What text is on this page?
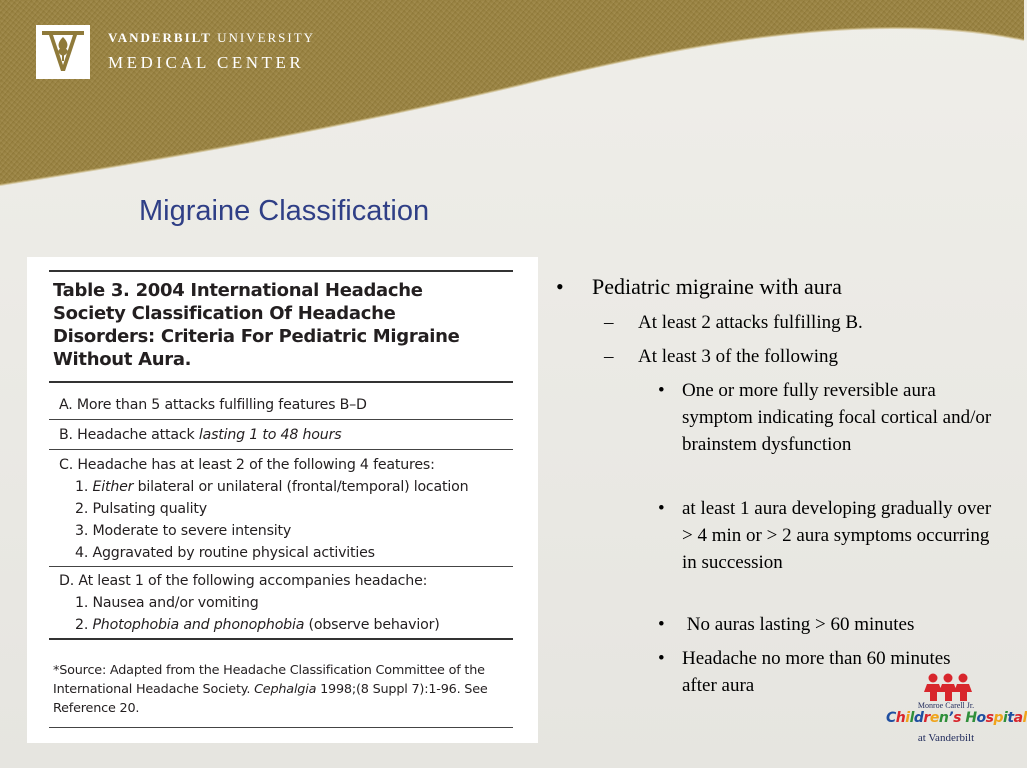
VANDERBILT UNIVERSITY
MEDICAL CENTER
Migraine Classification
Table 3. 2004 International Headache
Society Classification Of Headache
Disorders: Criteria For Pediatric Migraine
Without Aura.
A. More than 5 attacks fulfilling features B–D
B. Headache attack lasting 1 to 48 hours
C. Headache has at least 2 of the following 4 features:
1. Either bilateral or unilateral (frontal/temporal) location
2. Pulsating quality
3. Moderate to severe intensity
4. Aggravated by routine physical activities
D. At least 1 of the following accompanies headache:
1. Nausea and/or vomiting
2. Photophobia and phonophobia (observe behavior)
*Source: Adapted from the Headache Classification Committee of the International Headache Society. Cephalgia 1998;(8 Suppl 7):1-96. See Reference 20.
• Pediatric migraine with aura
– At least 2 attacks fulfilling B.
– At least 3 of the following
• One or more fully reversible aura symptom indicating focal cortical and/or brainstem dysfunction
• at least 1 aura developing gradually over > 4 min or > 2 aura symptoms occurring in succession
• No auras lasting > 60 minutes
• Headache no more than 60 minutes after aura
Monroe Carell Jr.
Children’s Hospital
at Vanderbilt
